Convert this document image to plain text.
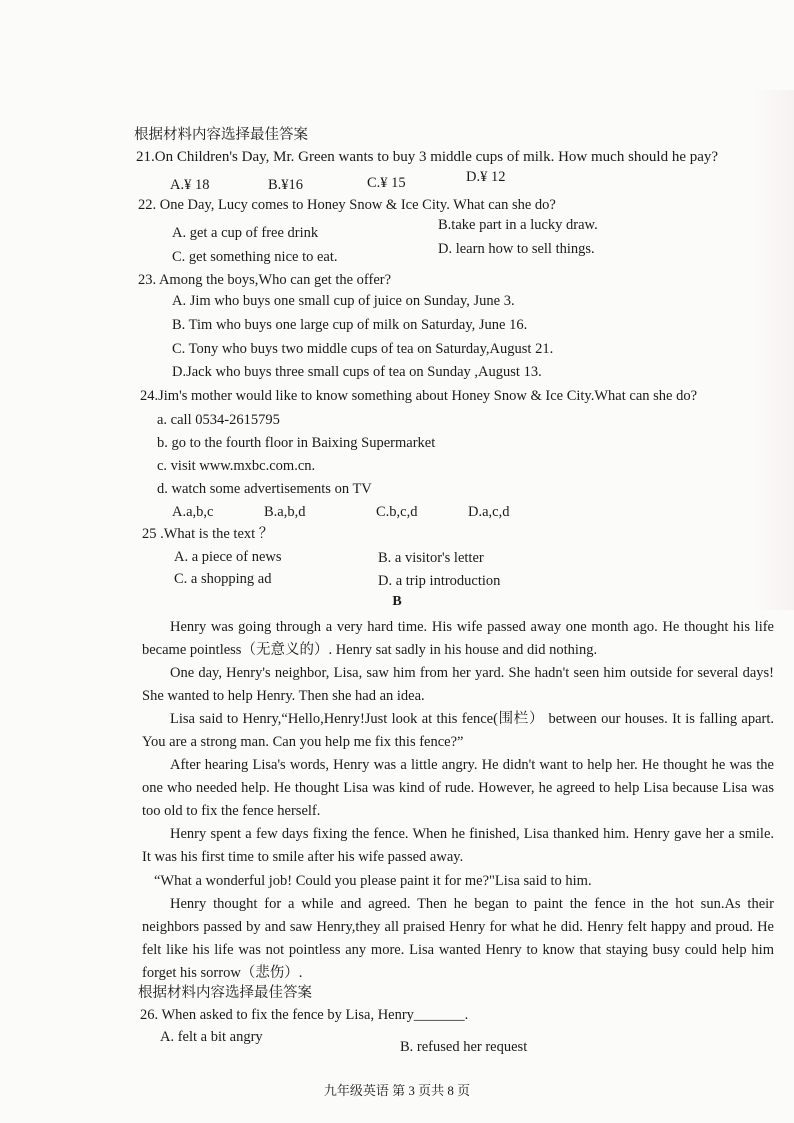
根据材料内容选择最佳答案
21.On Children's Day, Mr. Green wants to buy 3 middle cups of milk. How much should he pay?
A.¥ 18	B.¥16	C.¥ 15	D.¥ 12
22. One Day, Lucy comes to Honey Snow & Ice City. What can she do?
A. get a cup of free drink	B.take part in a lucky draw.
C. get something nice to eat.	D. learn how to sell things.
23. Among the boys,Who can get the offer?
A. Jim who buys one small cup of juice on Sunday, June 3.
B. Tim who buys one large cup of milk on Saturday, June 16.
C. Tony who buys two middle cups of tea on Saturday,August 21.
D.Jack who buys three small cups of tea on Sunday ,August 13.
24.Jim's mother would like to know something about Honey Snow & Ice City.What can she do?
a. call 0534-2615795
b. go to the fourth floor in Baixing Supermarket
c. visit www.mxbc.com.cn.
d. watch some advertisements on TV
A.a,b,c	B.a,b,d	C.b,c,d	D.a,c,d
25 .What is the text ？
A. a piece of news	B. a visitor's letter
C. a shopping ad	D. a trip introduction
B
Henry was going through a very hard time. His wife passed away one month ago. He thought his life became pointless（无意义的）. Henry sat sadly in his house and did nothing.
One day, Henry's neighbor, Lisa, saw him from her yard. She hadn't seen him outside for several days! She wanted to help Henry. Then she had an idea.
Lisa said to Henry,“Hello,Henry!Just look at this fence(围栏） between our houses. It is falling apart. You are a strong man. Can you help me fix this fence?”
After hearing Lisa's words, Henry was a little angry. He didn't want to help her. He thought he was the one who needed help. He thought Lisa was kind of rude. However, he agreed to help Lisa because Lisa was too old to fix the fence herself.
Henry spent a few days fixing the fence. When he finished, Lisa thanked him. Henry gave her a smile. It was his first time to smile after his wife passed away.
“What a wonderful job! Could you please paint it for me?"Lisa said to him.
Henry thought for a while and agreed. Then he began to paint the fence in the hot sun.As their neighbors passed by and saw Henry,they all praised Henry for what he did. Henry felt happy and proud. He felt like his life was not pointless any more. Lisa wanted Henry to know that staying busy could help him forget his sorrow（悲伤）.
根据材料内容选择最佳答案
26. When asked to fix the fence by Lisa, Henry_______.
A. felt a bit angry
B. refused her request
九年级英语 第 3 页共 8 页
